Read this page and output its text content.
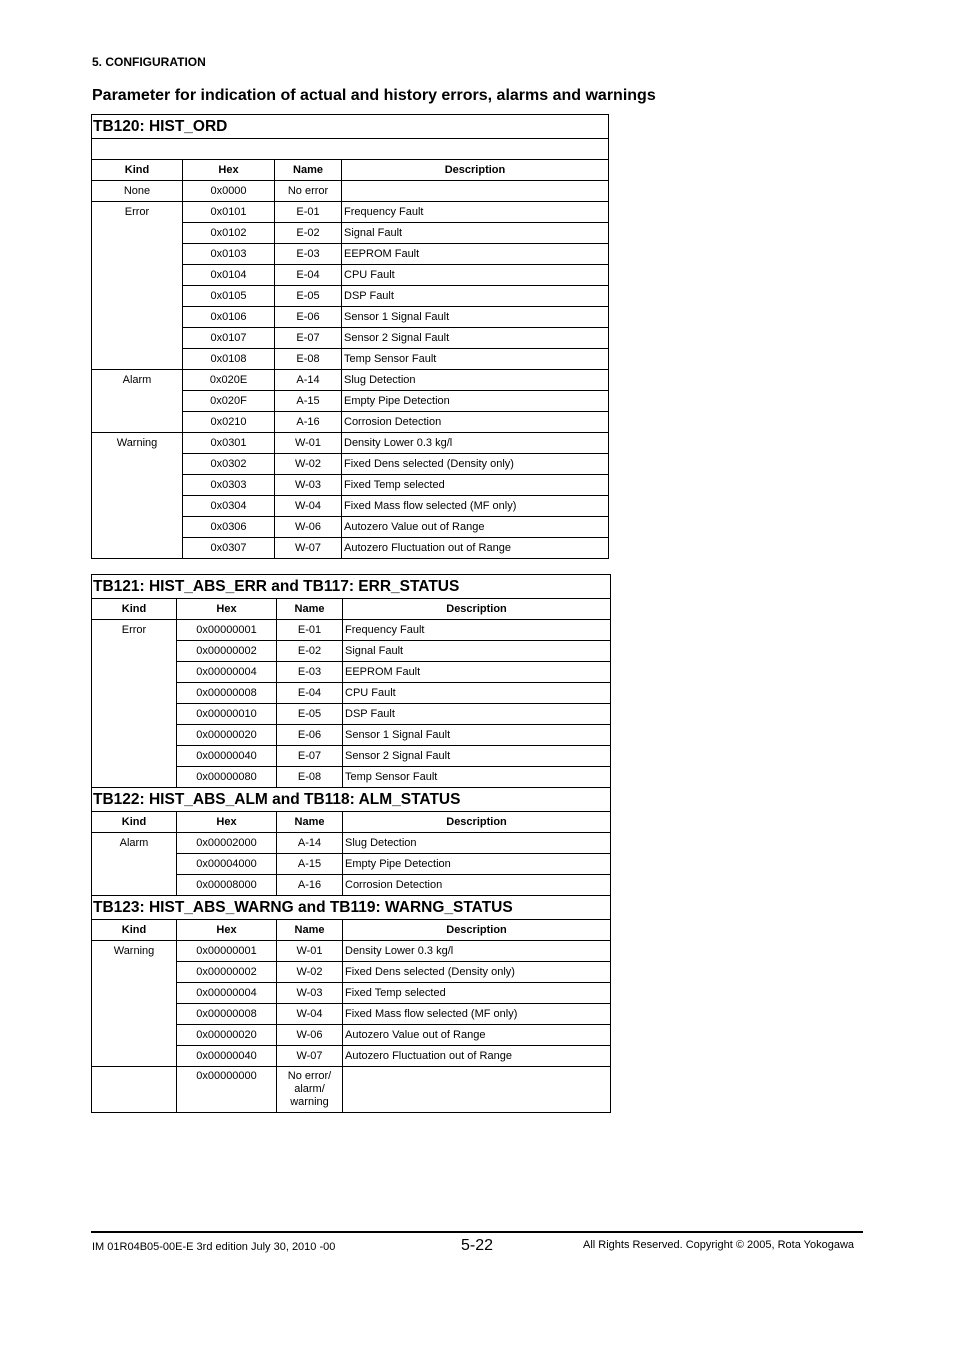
5. CONFIGURATION
Parameter for indication of actual and history errors, alarms and warnings
TB120: HIST_ORD			

Kind	Hex	Name	Description
None	0x0000	No error	
Error	0x0101	E-01	Frequency Fault
	0x0102	E-02	Signal Fault
	0x0103	E-03	EEPROM Fault
	0x0104	E-04	CPU Fault
	0x0105	E-05	DSP Fault
	0x0106	E-06	Sensor 1 Signal Fault
	0x0107	E-07	Sensor 2 Signal Fault
	0x0108	E-08	Temp Sensor Fault
Alarm	0x020E	A-14	Slug Detection
	0x020F	A-15	Empty Pipe Detection
	0x0210	A-16	Corrosion Detection
Warning	0x0301	W-01	Density Lower 0.3 kg/l
	0x0302	W-02	Fixed Dens selected (Density only)
	0x0303	W-03	Fixed Temp selected
	0x0304	W-04	Fixed Mass flow selected (MF only)
	0x0306	W-06	Autozero Value out of Range
	0x0307	W-07	Autozero Fluctuation out of Range
TB121: HIST_ABS_ERR and TB117: ERR_STATUS			
Kind	Hex	Name	Description
Error	0x00000001	E-01	Frequency Fault
	0x00000002	E-02	Signal Fault
	0x00000004	E-03	EEPROM Fault
	0x00000008	E-04	CPU Fault
	0x00000010	E-05	DSP Fault
	0x00000020	E-06	Sensor 1 Signal Fault
	0x00000040	E-07	Sensor 2 Signal Fault
	0x00000080	E-08	Temp Sensor Fault
TB122: HIST_ABS_ALM and TB118: ALM_STATUS			
Kind	Hex	Name	Description
Alarm	0x00002000	A-14	Slug Detection
	0x00004000	A-15	Empty Pipe Detection
	0x00008000	A-16	Corrosion Detection
TB123: HIST_ABS_WARNG and TB119: WARNG_STATUS			
Kind	Hex	Name	Description
Warning	0x00000001	W-01	Density Lower 0.3 kg/l
	0x00000002	W-02	Fixed Dens selected (Density only)
	0x00000004	W-03	Fixed Temp selected
	0x00000008	W-04	Fixed Mass flow selected (MF only)
	0x00000020	W-06	Autozero Value out of Range
	0x00000040	W-07	Autozero Fluctuation out of Range
	0x00000000	No error/
alarm/
warning	

IM 01R04B05-00E-E 3rd edition July 30, 2010 -00	5-22	All Rights Reserved. Copyright © 2005, Rota Yokogawa
